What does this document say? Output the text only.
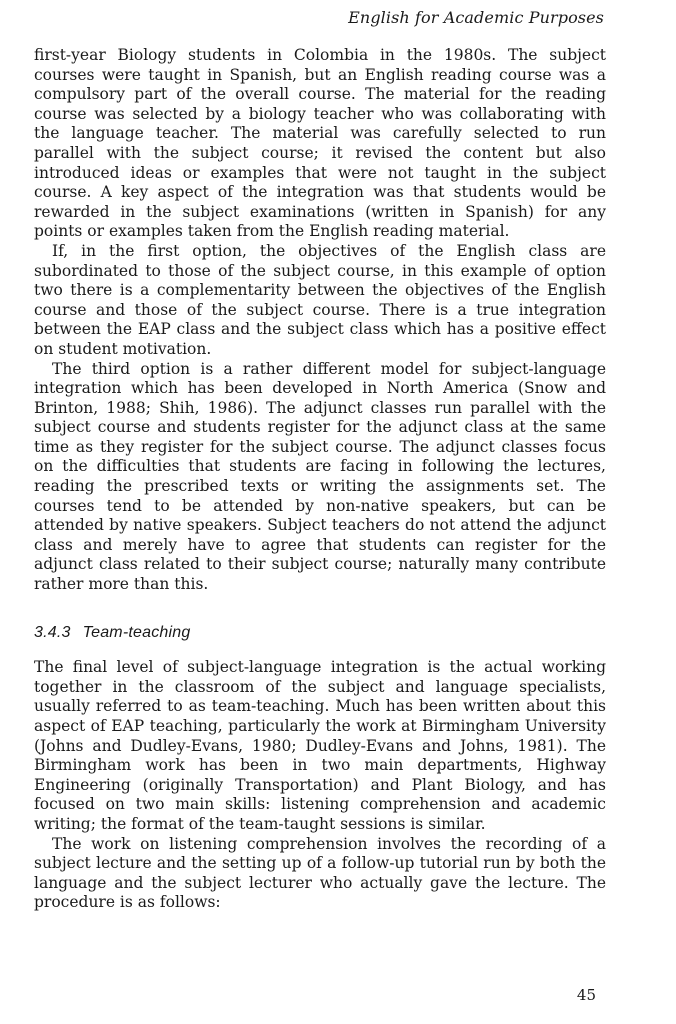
English for Academic Purposes

first-year Biology students in Colombia in the 1980s. The subject courses were taught in Spanish, but an English reading course was a compulsory part of the overall course. The material for the reading course was selected by a biology teacher who was collaborating with the language teacher. The material was carefully selected to run parallel with the subject course; it revised the content but also introduced ideas or examples that were not taught in the subject course. A key aspect of the integration was that students would be rewarded in the subject examinations (written in Spanish) for any points or examples taken from the English reading material.

If, in the first option, the objectives of the English class are subordinated to those of the subject course, in this example of option two there is a complementarity between the objectives of the English course and those of the subject course. There is a true integration between the EAP class and the subject class which has a positive effect on student motivation.

The third option is a rather different model for subject-language integration which has been developed in North America (Snow and Brinton, 1988; Shih, 1986). The adjunct classes run parallel with the subject course and students register for the adjunct class at the same time as they register for the subject course. The adjunct classes focus on the difficulties that students are facing in following the lectures, reading the prescribed texts or writing the assignments set. The courses tend to be attended by non-native speakers, but can be attended by native speakers. Subject teachers do not attend the adjunct class and merely have to agree that students can register for the adjunct class related to their subject course; naturally many contribute rather more than this.

3.4.3 Team-teaching

The final level of subject-language integration is the actual working together in the classroom of the subject and language specialists, usually referred to as team-teaching. Much has been written about this aspect of EAP teaching, particularly the work at Birmingham University (Johns and Dudley-Evans, 1980; Dudley-Evans and Johns, 1981). The Birmingham work has been in two main departments, Highway Engineering (originally Transportation) and Plant Biology, and has focused on two main skills: listening comprehension and academic writing; the format of the team-taught sessions is similar.

The work on listening comprehension involves the recording of a subject lecture and the setting up of a follow-up tutorial run by both the language and the subject lecturer who actually gave the lecture. The procedure is as follows:

45
